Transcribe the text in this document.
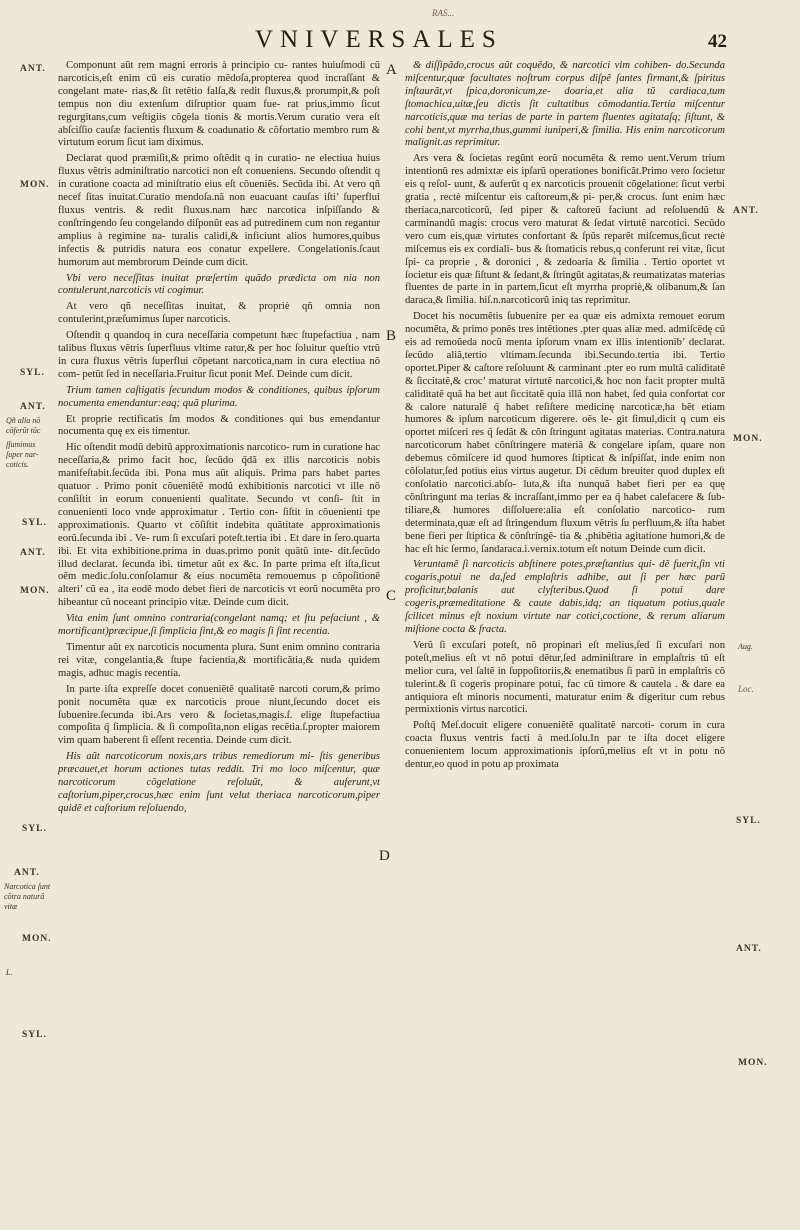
RAS...
VNIVERSALES	42
ANT.
MON.
SYL.
ANT.
Qñ alia nõ cõferũt tũc
ſſumimus ſuper nar- coticis.
SYL.
ANT.
MON.
SYL.
ANT.
Narcotica ſunt cõtra naturã vitæ
MON.
L.
SYL.
A
B
C
D
ANT.
MON.
Aug.
Loc.
SYL.
ANT.
MON.

Componunt aũt rem magni erroris à principio cu- rantes huiuſmodi cũ narcoticis,eſt enim cũ eis curatio mẽdoſa,propterea quod incraſſant & congelant mate- rias,& ſit retẽtio falſa,& redit fluxus,& prorumpit,& poſt tempus non diu extenſum diſruptior quam fue- rat prius,immo ſicut regurgitans,cum veſtigiis cõgela tionis & mortis.Verum curatio vera eſt abſciſſio cauſæ facientis fluxum & coadunatio & cõfortatio membro rum & virtutum eorum ſicut iam diximus.

Declarat quod præmiſit,& primo oſtẽdit q in curatio- ne electiua huius fluxus vẽtris adminiſtratio narcotici non eſt conueniens. Secundo oſtendit q in curatione coacta ad miniſtratio eius eſt cõueniẽs. Secũda ibi. At vero qñ necef ſitas inuitat.Curatio mendoſa.nã non euacuant cauſas iſti’ ſuperflui fluxus ventris. & redit fluxus.nam hæc narcotica inſpiſſando & conſtringendo ſeu congelando diſponũt eas ad putredinem cum non regantur amplius à regimine na- turalis calidi,& inficiunt alios humores,quibus infectis & putridis natura eos conatur expellere. Congelationis.ſcaut humorum aut membrorum Deinde cum dicit.

Vbi vero neceſſitas inuitat præſertim quãdo prædicta om nia non contulerunt,narcoticis vti cogimur.

At vero qñ neceſſitas inuitat, & propriè qñ omnia non contulerint,præſumimus ſuper narcoticis.

Oſtendit q quandoq in cura neceſſaria competunt hæc ſtupefactiua , nam talibus fluxus vẽtris ſuperfluus vltime ratur,& per hoc ſoluitur queſtio vtrũ in cura fluxus vẽtris ſuperflui cõpetant narcotica,nam in cura electiua nõ com- petũt ſed in neceſſaria.Fruitur ſicut ponit Meſ. Deinde cum dicit.

Trium tamen caſtigatis ſecundum modos & conditiones, quibus ipſorum nocumenta emendantur:eaq; quã plurima.

Et proprie rectificatis ſm modos & conditiones qui bus emendantur nocumenta quę ex eis timentur.

Hic oſtendit modũ debitũ approximationis narcotico- rum in curatione hac neceſſaria,& primo facit hoc, ſecũdo q̃dã ex illis narcoticis nobis manifeſtabit.ſecũda ibi. Pona mus aũt aliquis. Prima pars habet partes quatuor . Primo ponit cõueniẽtẽ modũ exhibitionis narcotici vt ille nõ conſiſtit in eorum conuenienti qualitate. Secundo vt conſi- ſtit in conuenienti loco vnde approximatur . Tertio con- ſiſtit in cõuenienti tpe approximationis. Quarto vt cõſiſtit indebita quãtitate approximationis eorũ.ſecunda ibi . Ve- rum ſi excuſari poteſt.tertia ibi . Et dare in ſero.quarta ibi. Et vita exhibitione.prima in duas.primo ponit quãtũ inte- dit.ſecũdo illud declarat. ſecunda ibi. timetur aũt ex &c. In parte prima eſt iſta,ſicut oẽm medic.ſolu.conſolamur & eius nocumẽta remouemus p cõpoſitionẽ alteri’ cũ ea , ita eodẽ modo debet fieri de narcoticis vt eorũ nocumẽta pro hibeantur cũ noceant principio vitæ. Deinde cum dicit.

Vita enim ſunt omnino contraria(congelant namq; et ſtu pefaciunt , & mortificant)præcipue,ſi ſimplicia ſint,& eo magis ſi ſint recentia.

Timentur aũt ex narcoticis nocumenta plura. Sunt enim omnino contraria rei vitæ, congelantia,& ſtupe facientia,& mortificãtia,& nuda quidem magis, adhuc magis recentia.

In parte iſta expreſſe docet conueniẽtẽ qualitatẽ narcoti corum,& primo ponit nocumẽta quæ ex narcoticis proue niunt,ſecundo docet eis ſubuenire.ſecunda ibi.Ars vero & ſocietas,magis.ſ. elige ſtupefactiua compoſita q̃ ſimplicia. & ſi compoſita,non eligas recẽtia.ſ.propter maiorem vim quam haberent ſi eſſent recentia. Deinde cum dicit.

His aũt narcoticorum noxis,ars tribus remediorum mi- ſtis generibus præcauet,et horum actiones tutas reddit. Tri mo loco miſcentur, quæ narcoticorum cõgelatione reſoluũt, & auferunt,vt caſtorium,piper,crocus,hæc enim ſunt velut theriaca narcoticorum,piper quidẽ et caſtorium reſoluendo,

& diſſipãdo,crocus aũt coquẽdo, & narcotici vim cohiben- do.Secunda miſcentur,quæ facultates noſtrum corpus diſpẽ ſantes firmant,& ſpiritus inſtaurãt,vt ſpica,doronicum,ze- doaria,et alia tũ cardiaca,tum ſtomachica,uitæ,ſeu dictis ſit cultatibus cõmodantia.Tertia miſcentur narcoticis,quæ ma terias de parte in partem fluentes agitataſq; ſiſtunt, & cohi bent,vt myrrha,thus,gummi iuniperi,& ſimilia. His enim narcoticorum malignit.as reprimitur.

Ars vera & ſocietas regũnt eorũ nocumẽta & remo uent.Verum trium intentionũ res admixtæ eis ipſarũ operationes bonificãt.Primo vero ſocietur eis q reſol- uunt, & auferũt q ex narcoticis prouenit cõgelatione: ſicut verbi gratia , rectè miſcentur eis caſtoreum,& pi- per,& crocus. ſunt enim hæc theriaca,narcoticorũ, ſed piper & caſtoreũ faciunt ad reſoluendũ & carminandũ magis: crocus vero maturat & ſedat virtutẽ narcotici. Secũdo vero cum eis,quæ virtutes confortant & ſpũs reparẽt miſcemus,ſicut rectè miſcemus eis ex cordiali- bus & ſtomaticis rebus,q conferunt rei vitæ, ſicut ſpi- ca proprie , & doronici , & zedoaria & ſimilia . Tertio oportet vt ſocietur eis quæ ſiſtunt & ſedant,& ſtringũt agitatas,& reumatizatas materias fluentes de parte in in partem,ſicut eſt myrrha propriè,& olibanum,& ſan daraca,& ſimilia. hiſ.n.narcoticorũ iniq tas reprimitur.

Docet his nocumẽtis ſubuenire per ea quæ eis admixta remouet eorum nocumẽta, & primo ponẽs tres intẽtiones .pter quas aliæ med. admiſcẽdę cũ eis ad remoũeda nocũ menta ipſorum vnam ex illis intentionib’ declarat. ſecũdo aliã,tertio vltimam.ſecunda ibi.Secundo.tertia ibi. Tertio oportet.Piper & caſtore reſoluunt & carminant .pter eo rum multã caliditatẽ & ſiccitatẽ,& croc’ maturat virtutẽ narcotici,& hoc non facit propter multã caliditatẽ quã ha bet aut ſiccitatẽ quia illã non habet, ſed quia confortat cor & calore naturalẽ q̃ habet reſiſtere medicinę narcoticæ,ha bẽt etiam humores & ipſum narcoticum digerere. oẽs le- git ſimul,dicit q cum eis oportet miſceri res q̃ ſedãt & cõn ſtringunt agitatas materias. Contra.natura narcoticorum habet cõnſtringere materiã & congelare ipſam, quare non debemus cõmiſcere id quod humores ſtipticat & inſpiſſat, inde enim non cõſolatur,ſed potius eius virtus augetur. Di cẽdum breuiter quod duplex eſt conſolatio narcotici.abſo- luta,& iſta nunquã habet fieri per ea quę cõnſtringunt ma terias & incraſſant,immo per ea q̃ habet calefacere & ſub- tiliare,& humores diſſoluere:alia eſt conſolatio narcotico- rum determinata,quæ eſt ad ſtringendum fluxum vẽtris ſu perfluum,& iſta habet bene fieri per ſtiptica & cõnſtringẽ- tia & ,phibẽtia agitatione humori,& de hac eſt hic ſermo, ſandaraca.i.vernix.totum eſt notum Deinde cum dicit.

Veruntamẽ ſi narcoticis abſtinere potes,præſtantius qui- dẽ fuerit,ſin vti cogaris,potui ne da,ſed emplaſtris adhibe, aut ſi per hæc parũ proficitur,balanis aut clyſteribus.Quod ſi potui dare cogeris,præmeditatione & caute dabis,idq; an tiquatum potius,quale ſcilicet minus eſt noxium virtute nar cotici,coctione, & rerum aliarum miſtione cocta & fracta.

Verũ ſi excuſari poteſt, nõ propinari eſt melius,ſed ſi excuſari non poteſt,melius eſt vt nõ potui dẽtur,ſed adminiſtrare in emplaſtris tũ eſt melior cura, vel ſaltẽ in ſuppoſitoriis,& enematibus ſi parũ in emplaſtris cõ tulerint.& ſi cogeris propinare potui, fac cũ timore & cautela . & dare ea antiquiora eſt minoris nocumenti, maturatur enim & digeritur cum rebus permixtionis virtus narcotici.

Poſtq̃ Meſ.docuit eligere conueniẽtẽ qualitatẽ narcoti- corum in cura coacta fluxus ventris facti à med.ſolu.In par te iſta docet eligere conuenientem locum approximationis ipſorũ,melius eſt vt in potu nõ dentur,eo quod in potu ap proximata
